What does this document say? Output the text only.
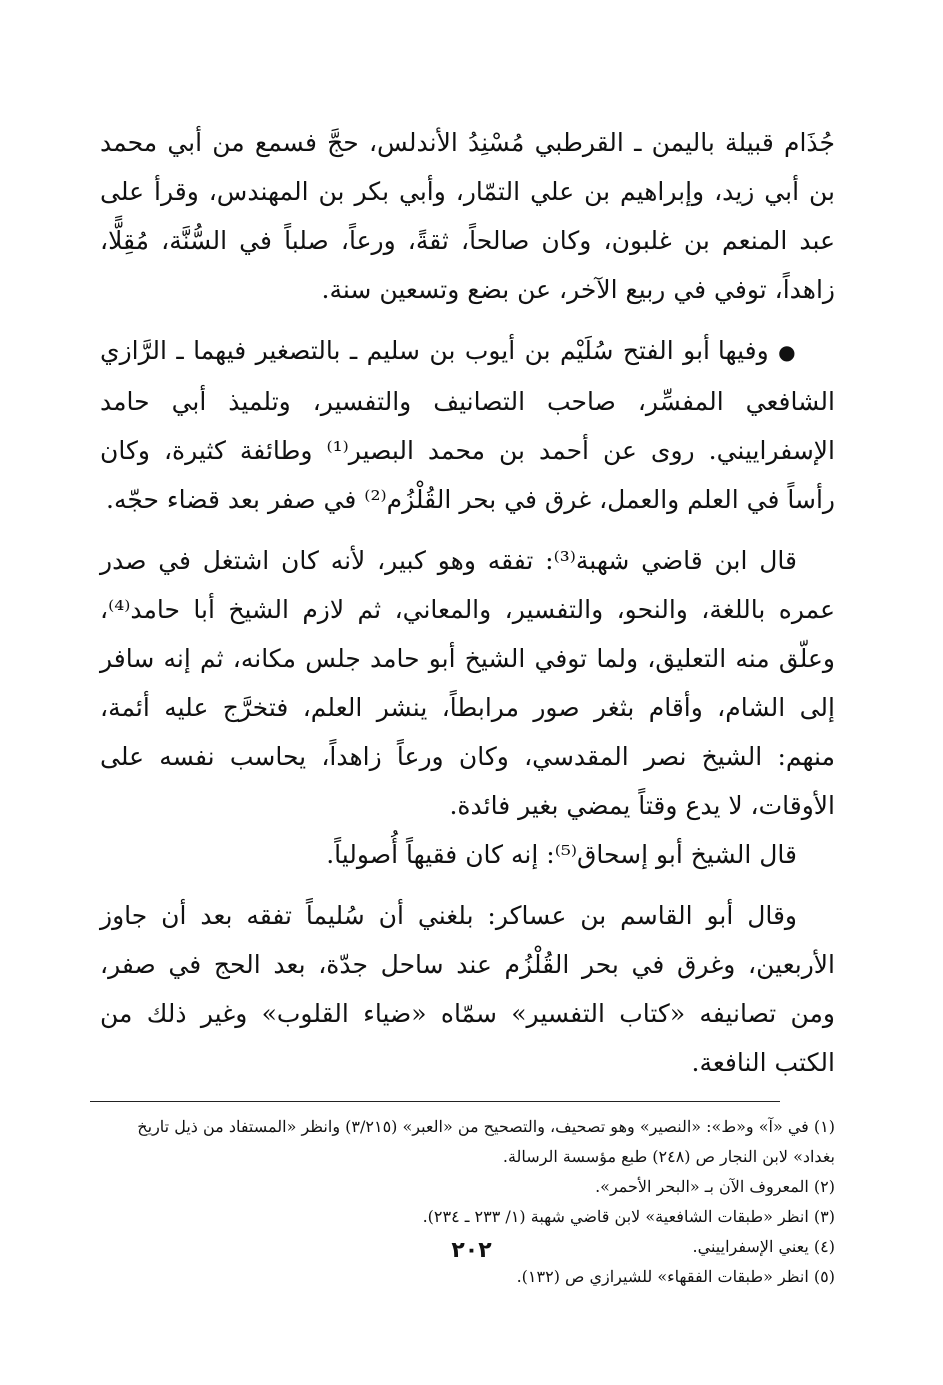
جُذَام قبيلة باليمن ـ القرطبي مُسْنِدُ الأندلس، حجَّ فسمع من أبي محمد بن أبي زيد، وإبراهيم بن علي التمّار، وأبي بكر بن المهندس، وقرأ على عبد المنعم بن غلبون، وكان صالحاً، ثقةً، ورعاً، صلباً في السُّنَّة، مُقِلًّا، زاهداً، توفي في ربيع الآخر، عن بضع وتسعين سنة.

● وفيها أبو الفتح سُلَيْم بن أيوب بن سليم ـ بالتصغير فيهما ـ الرَّازي الشافعي المفسِّر، صاحب التصانيف والتفسير، وتلميذ أبي حامد الإسفراييني. روى عن أحمد بن محمد البصير⁽¹⁾ وطائفة كثيرة، وكان رأساً في العلم والعمل، غرق في بحر القُلْزُم⁽²⁾ في صفر بعد قضاء حجّه.

قال ابن قاضي شهبة⁽³⁾: تفقه وهو كبير، لأنه كان اشتغل في صدر عمره باللغة، والنحو، والتفسير، والمعاني، ثم لازم الشيخ أبا حامد⁽⁴⁾، وعلّق منه التعليق، ولما توفي الشيخ أبو حامد جلس مكانه، ثم إنه سافر إلى الشام، وأقام بثغر صور مرابطاً، ينشر العلم، فتخرَّج عليه أئمة، منهم: الشيخ نصر المقدسي، وكان ورعاً زاهداً، يحاسب نفسه على الأوقات، لا يدع وقتاً يمضي بغير فائدة.

قال الشيخ أبو إسحاق⁽⁵⁾: إنه كان فقيهاً أُصولياً.

وقال أبو القاسم بن عساكر: بلغني أن سُليماً تفقه بعد أن جاوز الأربعين، وغرق في بحر القُلْزُم عند ساحل جدّة، بعد الحج في صفر، ومن تصانيفه «كتاب التفسير» سمّاه «ضياء القلوب» وغير ذلك من الكتب النافعة.

(١) في «آ» و«ط»: «النصير» وهو تصحيف، والتصحيح من «العبر» (٣/٢١٥) وانظر «المستفاد من ذيل تاريخ بغداد» لابن النجار ص (٢٤٨) طبع مؤسسة الرسالة.

(٢) المعروف الآن بـ «البحر الأحمر».

(٣) انظر «طبقات الشافعية» لابن قاضي شهبة (١/ ٢٣٣ ـ ٢٣٤).

(٤) يعني الإسفراييني.

(٥) انظر «طبقات الفقهاء» للشيرازي ص (١٣٢).

٢٠٢
